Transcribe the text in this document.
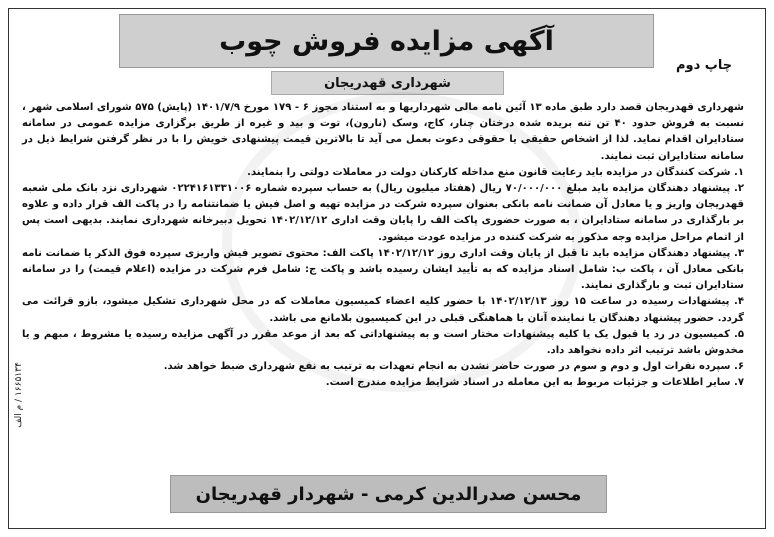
آگهی مزایده فروش چوب
چاپ دوم
شهرداری قهدریجان

شهرداری قهدریجان قصد دارد طبق ماده ۱۳ آئین نامه مالی شهرداریها و به استناد مجوز ۶ - ۱۷۹ مورخ ۱۴۰۱/۷/۹ (پایش) ۵۷۵ شورای اسلامی شهر ، نسبت به فروش حدود ۴۰ تن تنه بریده شده درختان چنار، کاج، وسک (نارون)، توت و بید و غیره از طریق برگزاری مزایده عمومی در سامانه ستادایران اقدام نماید. لذا از اشخاص حقیقی یا حقوقی دعوت بعمل می آید تا بالاترین قیمت پیشنهادی خویش را با در نظر گرفتن شرایط ذیل در سامانه ستادایران ثبت نمایند.

۱. شرکت کنندگان در مزایده باید رعایت قانون منع مداخله کارکنان دولت در معاملات دولتی را بنمایند.

۲. پیشنهاد دهندگان مزایده باید مبلغ ۷۰/۰۰۰/۰۰۰ ریال (هفتاد میلیون ریال) به حساب سپرده شماره ۰۲۲۴۱۶۱۳۳۱۰۰۶ شهرداری نزد بانک ملی شعبه قهدریجان واریز و یا معادل آن ضمانت نامه بانکی بعنوان سپرده شرکت در مزایده تهیه و اصل فیش یا ضمانتنامه را در پاکت الف قرار داده و علاوه بر بارگذاری در سامانه ستادایران ، به صورت حضوری پاکت الف را پایان وقت اداری ۱۴۰۲/۱۲/۱۲ تحویل دبیرخانه شهرداری نمایند. بدیهی است پس از اتمام مراحل مزایده وجه مذکور به شرکت کننده در مزایده عودت میشود.

۳. پیشنهاد دهندگان مزایده باید تا قبل از پایان وقت اداری روز ۱۴۰۲/۱۲/۱۲ پاکت الف: محتوی تصویر فیش واریزی سپرده فوق الذکر یا ضمانت نامه بانکی معادل آن ، پاکت ب: شامل اسناد مزایده که به تأیید ایشان رسیده باشد و پاکت ج: شامل فرم شرکت در مزایده (اعلام قیمت) را در سامانه ستادایران ثبت و بارگذاری نمایند.

۴. پیشنهادات رسیده در ساعت ۱۵ روز ۱۴۰۲/۱۲/۱۳ با حضور کلیه اعضاء کمیسیون معاملات که در محل شهرداری تشکیل میشود، بازو قرائت می گردد. حضور پیشنهاد دهندگان یا نماینده آنان با هماهنگی قبلی در این کمیسیون بلامانع می باشد.

۵. کمیسیون در رد یا قبول یک یا کلیه پیشنهادات مختار است و به پیشنهاداتی که بعد از موعد مقرر در آگهی مزایده رسیده یا مشروط ، مبهم و یا مخدوش باشد ترتیب اثر داده نخواهد داد.

۶. سپرده نفرات اول و دوم و سوم در صورت حاضر نشدن به انجام تعهدات به ترتیب به نفع شهرداری ضبط خواهد شد.

۷. سایر اطلاعات و جزئیات مربوط به این معامله در اسناد شرایط مزایده مندرج است.

۱۶۶۵۱۳۴ / م الف
محسن صدرالدین کرمی - شهردار قهدریجان
